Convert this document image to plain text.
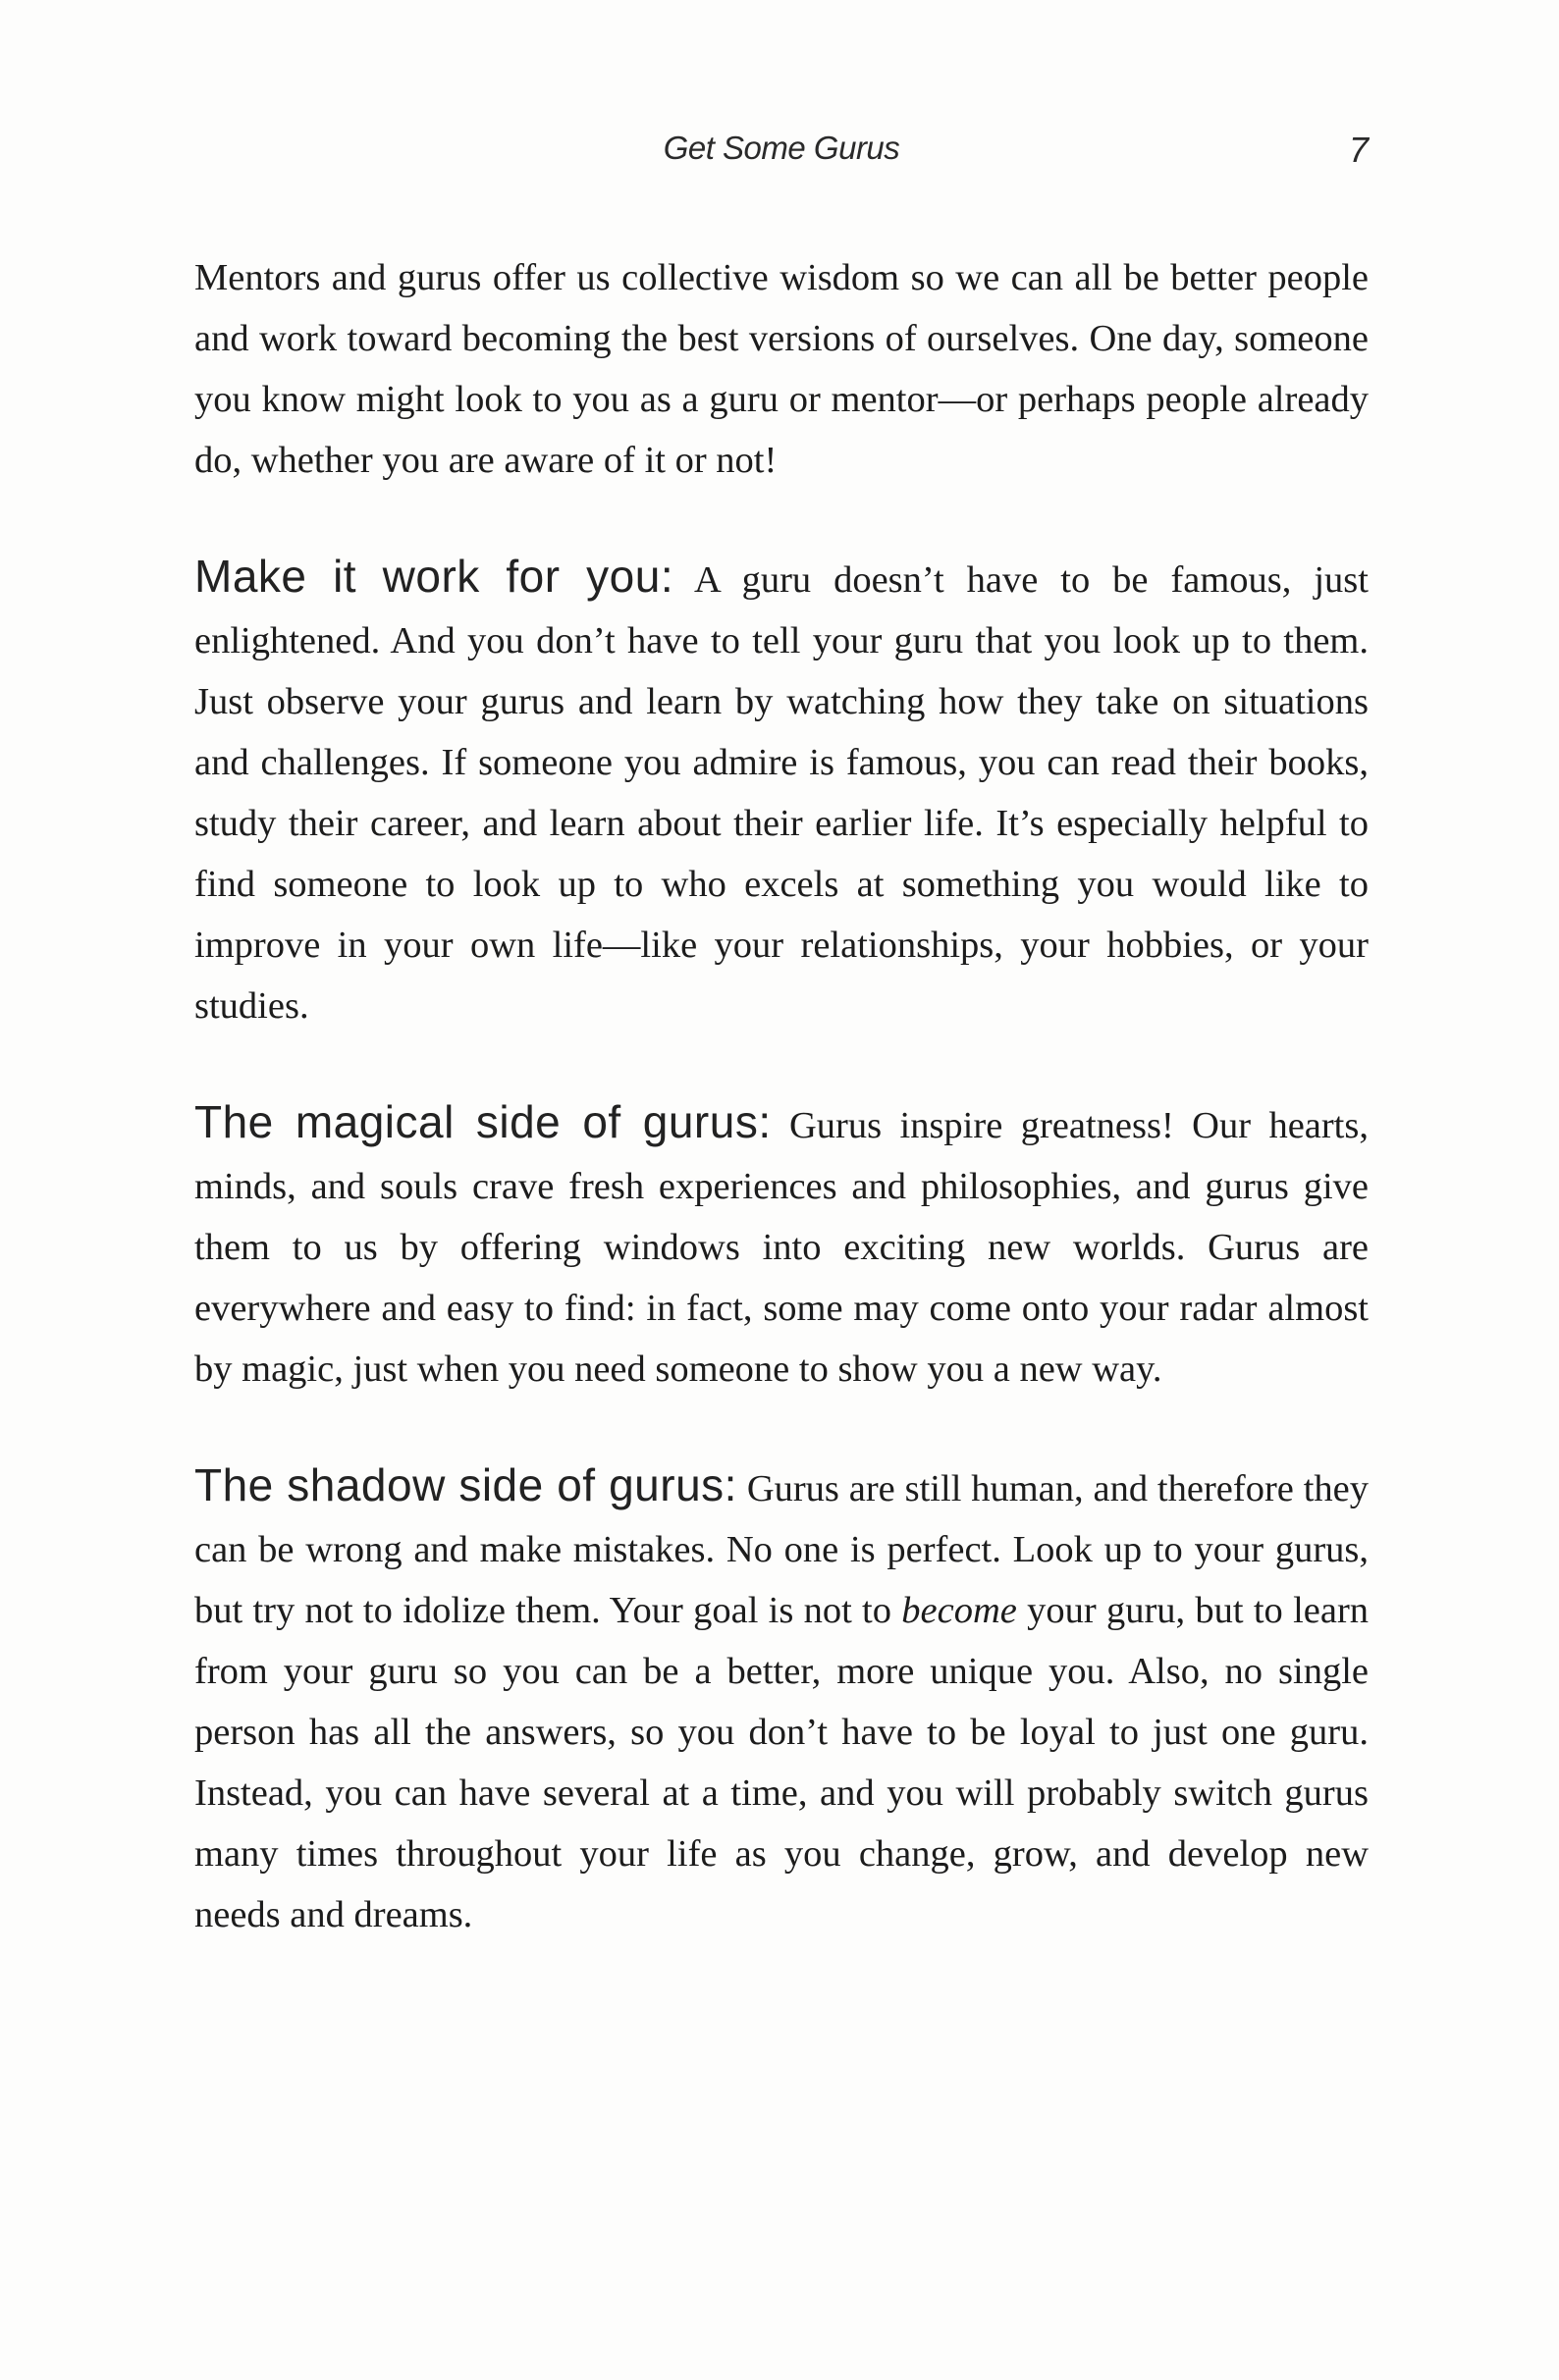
Get Some Gurus	7

Mentors and gurus offer us collective wisdom so we can all be better people and work toward becoming the best versions of ourselves. One day, someone you know might look to you as a guru or mentor—or perhaps people already do, whether you are aware of it or not!

Make it work for you: A guru doesn’t have to be famous, just enlightened. And you don’t have to tell your guru that you look up to them. Just observe your gurus and learn by watching how they take on situations and challenges. If someone you admire is famous, you can read their books, study their career, and learn about their earlier life. It’s especially helpful to find someone to look up to who excels at something you would like to improve in your own life—like your relationships, your hobbies, or your studies.

The magical side of gurus: Gurus inspire greatness! Our hearts, minds, and souls crave fresh experiences and philosophies, and gurus give them to us by offering windows into exciting new worlds. Gurus are everywhere and easy to find: in fact, some may come onto your radar almost by magic, just when you need someone to show you a new way.

The shadow side of gurus: Gurus are still human, and therefore they can be wrong and make mistakes. No one is perfect. Look up to your gurus, but try not to idolize them. Your goal is not to become your guru, but to learn from your guru so you can be a better, more unique you. Also, no single person has all the answers, so you don’t have to be loyal to just one guru. Instead, you can have several at a time, and you will probably switch gurus many times throughout your life as you change, grow, and develop new needs and dreams.
